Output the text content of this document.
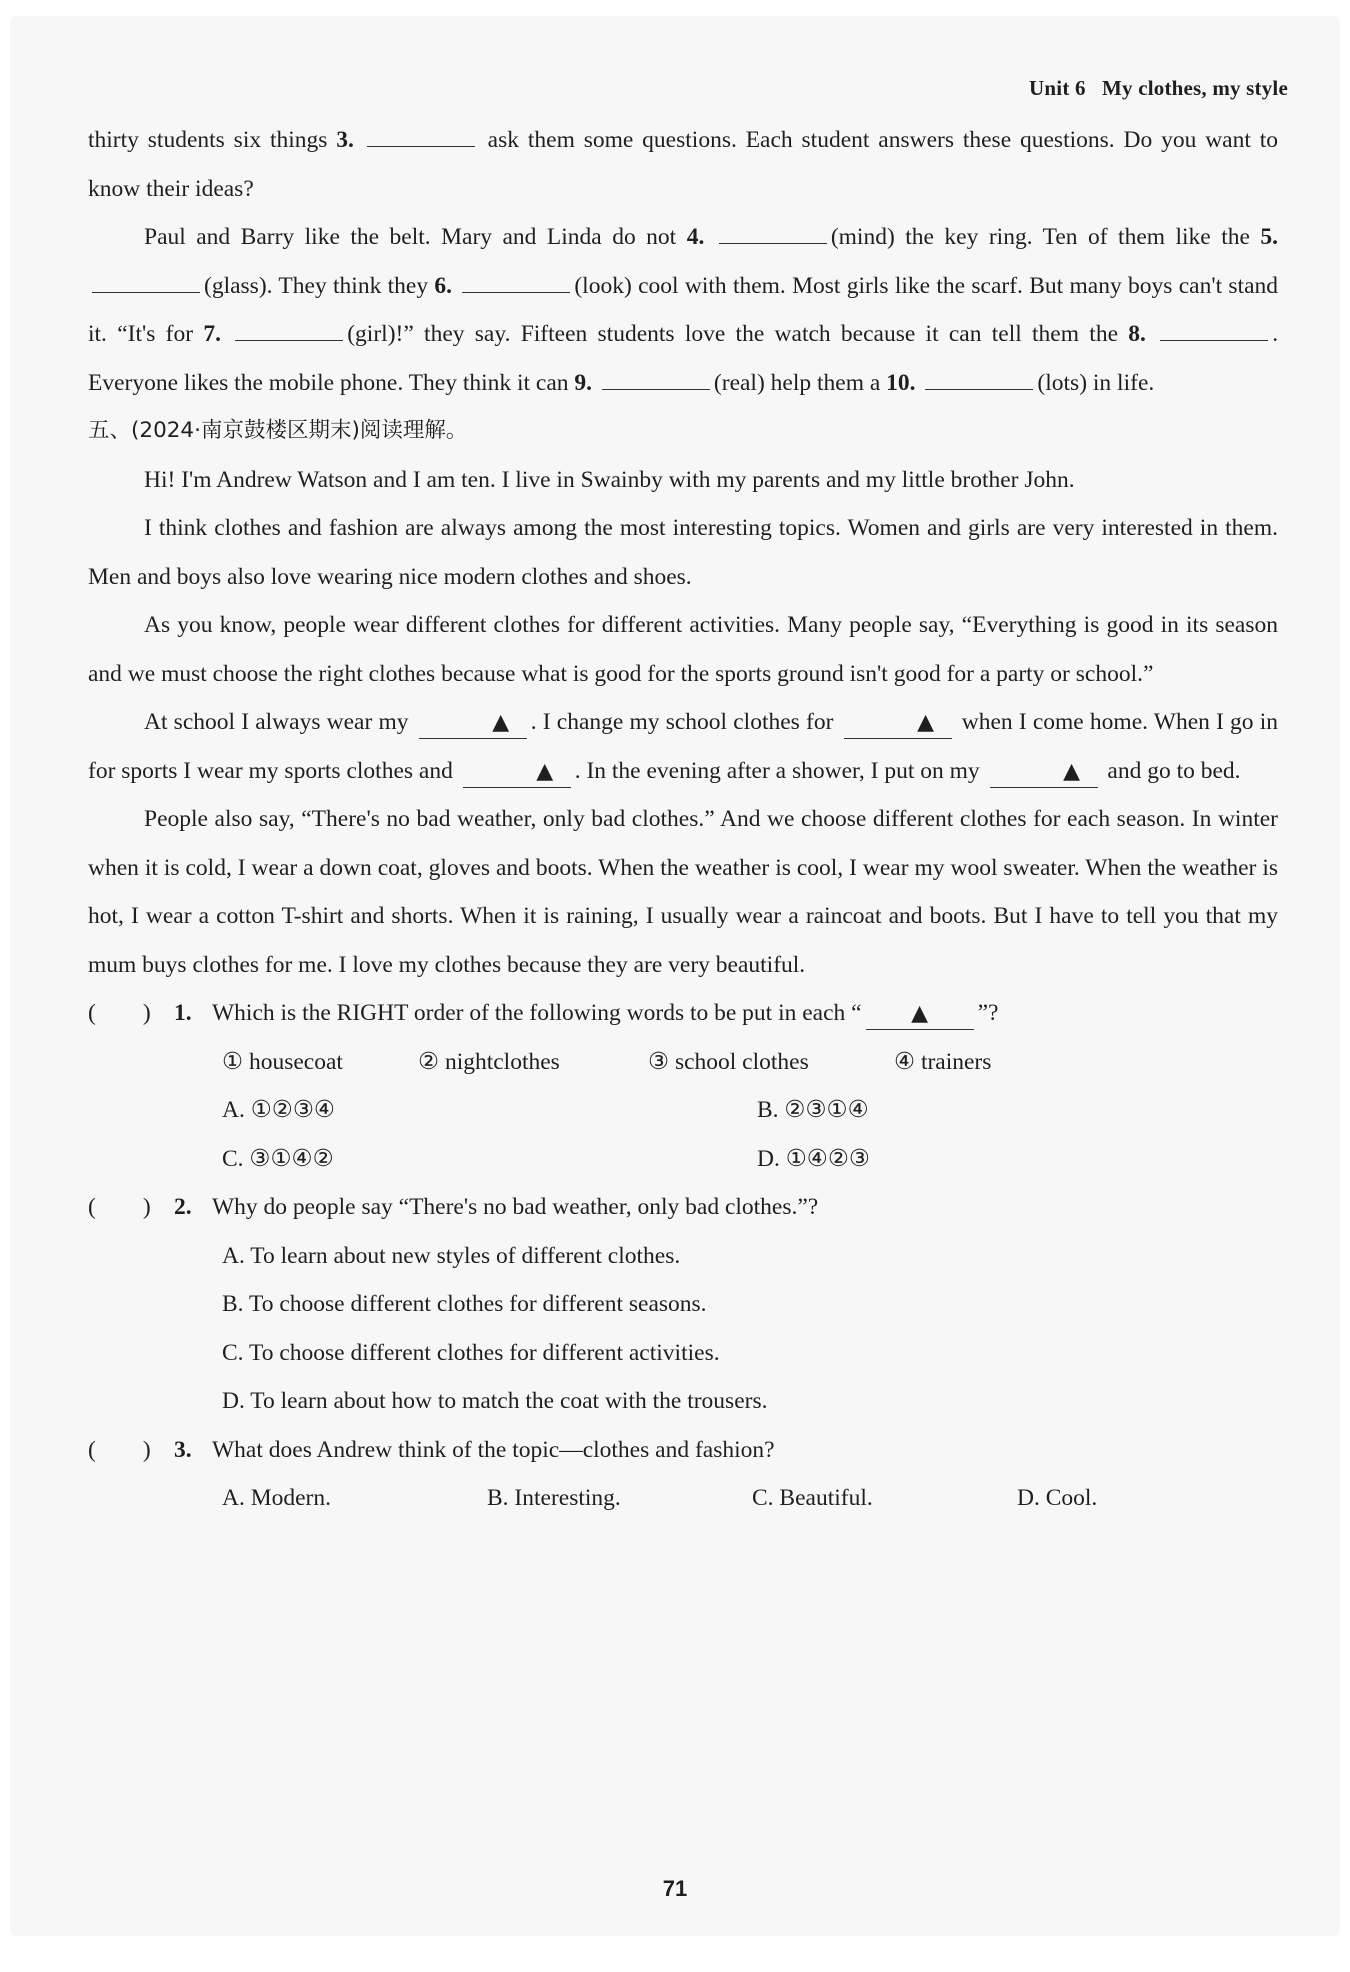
Unit 6 My clothes, my style

thirty students six things 3.	ask them some questions. Each student answers these questions. Do you want to know their ideas?

Paul and Barry like the belt. Mary and Linda do not 4.	(mind) the key ring. Ten of them like the 5. (glass). They think they 6.	(look) cool with them. Most girls like the scarf. But many boys can't stand it. “It's for 7.	(girl)!” they say. Fifteen students love the watch because it can tell them the 8.	. Everyone likes the mobile phone. They think it can 9.	(real) help them a 10.	(lots) in life.

五、(2024·南京鼓楼区期末)阅读理解。

Hi! I'm Andrew Watson and I am ten. I live in Swainby with my parents and my little brother John.

I think clothes and fashion are always among the most interesting topics. Women and girls are very interested in them. Men and boys also love wearing nice modern clothes and shoes.

As you know, people wear different clothes for different activities. Many people say, “Everything is good in its season and we must choose the right clothes because what is good for the sports ground isn't good for a party or school.”

At school I always wear my	▲ . I change my school clothes for	▲ when I come home. When I go in for sports I wear my sports clothes and	▲ . In the evening after a shower, I put on my	▲ and go to bed.

People also say, “There's no bad weather, only bad clothes.” And we choose different clothes for each season. In winter when it is cold, I wear a down coat, gloves and boots. When the weather is cool, I wear my wool sweater. When the weather is hot, I wear a cotton T-shirt and shorts. When it is raining, I usually wear a raincoat and boots. But I have to tell you that my mum buys clothes for me. I love my clothes because they are very beautiful.

(　　) 1. Which is the RIGHT order of the following words to be put in each “ ▲ ”?
① housecoat	② nightclothes	③ school clothes	④ trainers
A. ①②③④	B. ②③①④
C. ③①④②	D. ①④②③
(　　) 2. Why do people say “There's no bad weather, only bad clothes.”?
A. To learn about new styles of different clothes.
B. To choose different clothes for different seasons.
C. To choose different clothes for different activities.
D. To learn about how to match the coat with the trousers.
(　　) 3. What does Andrew think of the topic—clothes and fashion?
A. Modern.	B. Interesting.	C. Beautiful.	D. Cool.
71
